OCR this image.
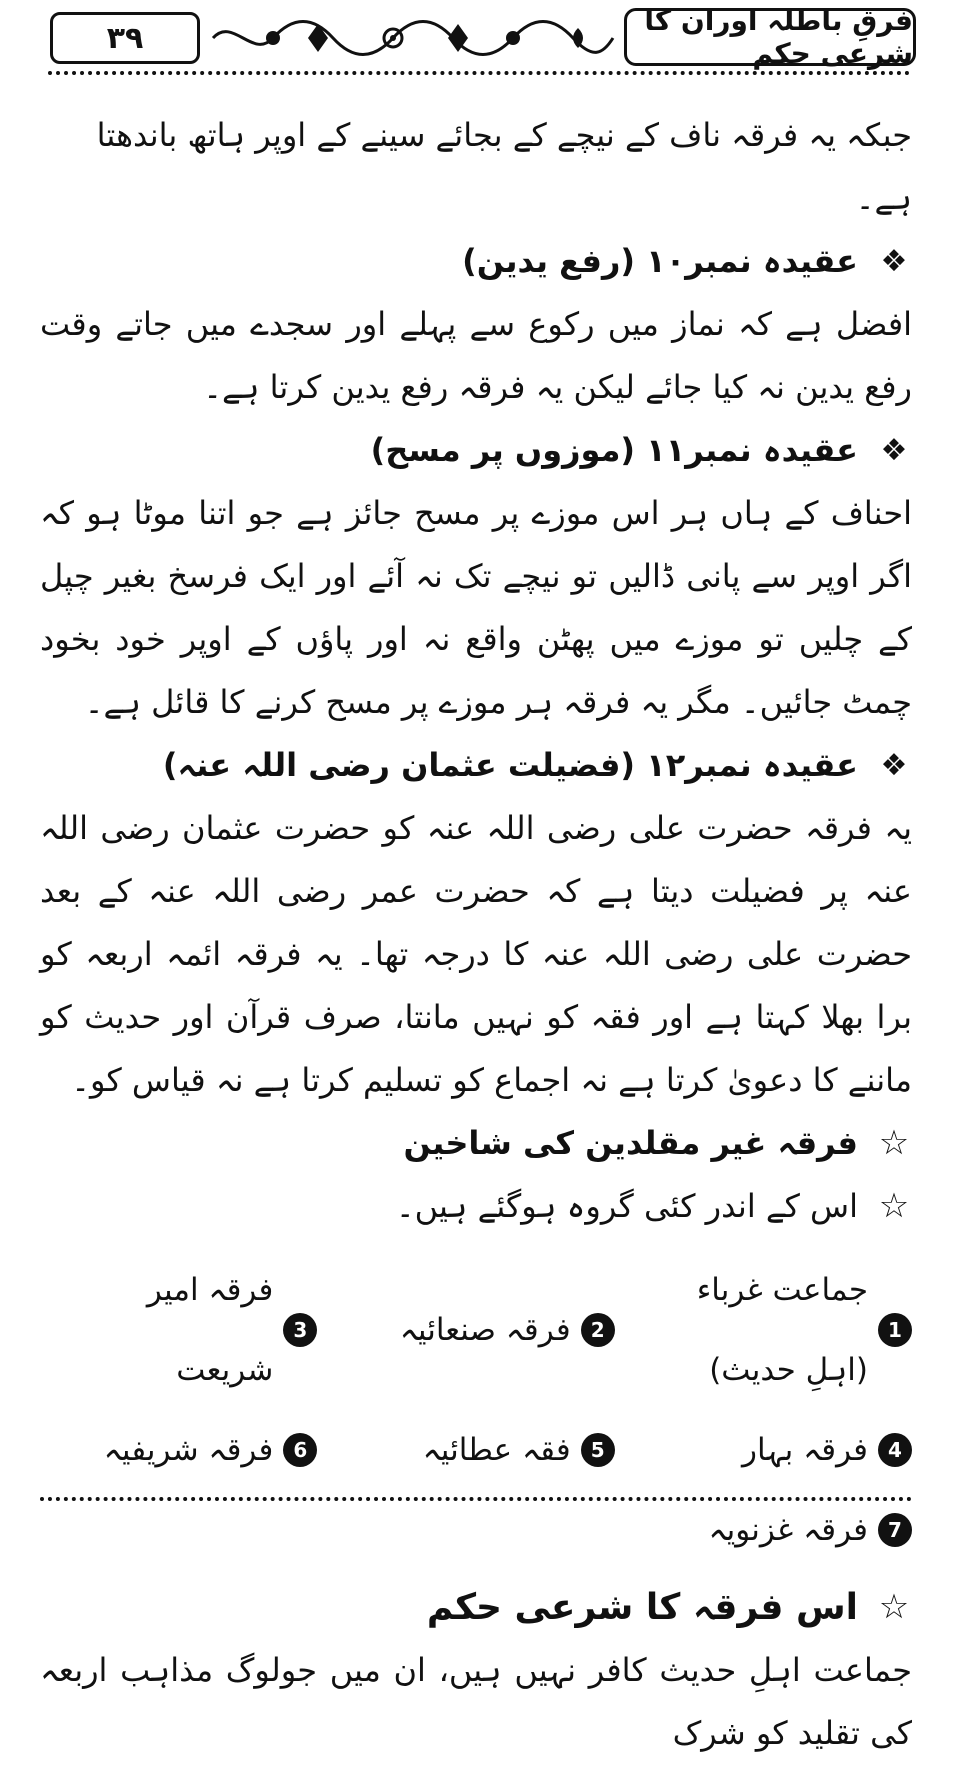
۳۹	فرقِ باطلہ اوران کا شرعی حکم

جبکہ یہ فرقہ ناف کے نیچے کے بجائے سینے کے اوپر ہاتھ باندھتا ہے۔

❖
عقیدہ نمبر۱۰ (رفع یدین)

افضل ہے کہ نماز میں رکوع سے پہلے اور سجدے میں جاتے وقت رفع یدین نہ کیا جائے لیکن یہ فرقہ رفع یدین کرتا ہے۔

❖
عقیدہ نمبر۱۱ (موزوں پر مسح)

احناف کے ہاں ہر اس موزے پر مسح جائز ہے جو اتنا موٹا ہو کہ اگر اوپر سے پانی ڈالیں تو نیچے تک نہ آئے اور ایک فرسخ بغیر چپل کے چلیں تو موزے میں پھٹن واقع نہ اور پاؤں کے اوپر خود بخود چمٹ جائیں۔ مگر یہ فرقہ ہر موزے پر مسح کرنے کا قائل ہے۔

❖
عقیدہ نمبر۱۲ (فضیلت عثمان رضی اللہ عنہ)

یہ فرقہ حضرت علی رضی اللہ عنہ کو حضرت عثمان رضی اللہ عنہ پر فضیلت دیتا ہے کہ حضرت عمر رضی اللہ عنہ کے بعد حضرت علی رضی اللہ عنہ کا درجہ تھا۔ یہ فرقہ ائمہ اربعہ کو برا بھلا کہتا ہے اور فقہ کو نہیں مانتا، صرف قرآن اور حدیث کو ماننے کا دعویٰ کرتا ہے نہ اجماع کو تسلیم کرتا ہے نہ قیاس کو۔

☆
فرقہ غیر مقلدین کی شاخین

☆
اس کے اندر کئی گروہ ہوگئے ہیں۔

1
جماعت غرباء (اہلِ حدیث)
2
فرقہ صنعائیہ
3
فرقہ امیر شریعت
4
فرقہ بہار
5
فقہ عطائیہ
6
فرقہ شریفیہ
7
فرقہ غزنویہ

☆
اس فرقہ کا شرعی حکم

جماعت اہلِ حدیث کافر نہیں ہیں، ان میں جولوگ مذاہب اربعہ کی تقلید کو شرک
